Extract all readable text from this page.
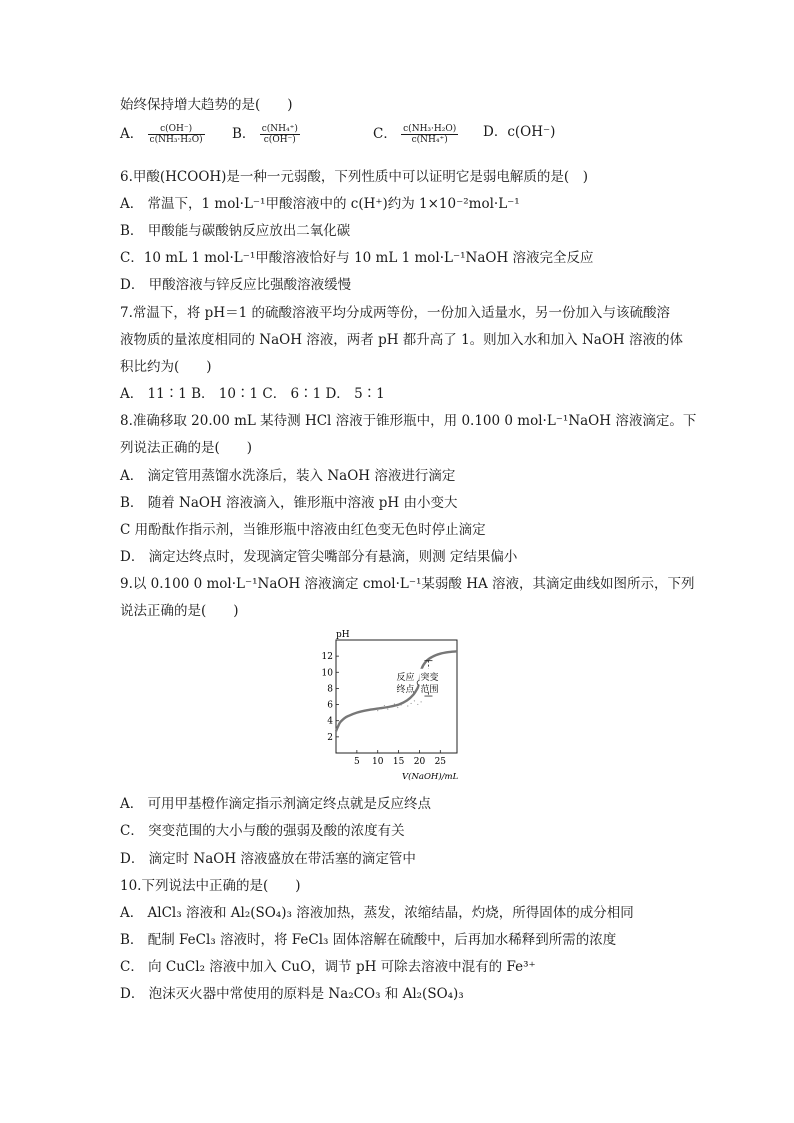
始终保持增大趋势的是(　　)
A． $\frac{c(OH^-)}{\text{c(NH₃·H₂O)}}$ B． $\frac{\text{c(NH₄⁺)}}{c(OH^-)}$	C． $\frac{\text{c(NH₃·H₂O)}}{\text{c(NH₄⁺)}}$ D．c(OH⁻)
6.甲酸(HCOOH)是一种一元弱酸，下列性质中可以证明它是弱电解质的是(　)
A． 常温下，1 mol·L⁻¹甲酸溶液中的 c(H⁺)约为 1×10⁻²mol·L⁻¹
B． 甲酸能与碳酸钠反应放出二氧化碳
C．10 mL 1 mol·L⁻¹甲酸溶液恰好与 10 mL 1 mol·L⁻¹NaOH 溶液完全反应
D． 甲酸溶液与锌反应比强酸溶液缓慢
7.常温下，将 pH＝1 的硫酸溶液平均分成两等份，一份加入适量水，另一份加入与该硫酸溶
液物质的量浓度相同的 NaOH 溶液，两者 pH 都升高了 1。则加入水和加入 NaOH 溶液的体
积比约为(　　)
A． 11∶1 B． 10∶1 C． 6∶1 D． 5∶1
8.准确移取 20.00 mL 某待测 HCl 溶液于锥形瓶中，用 0.100 0 mol·L⁻¹NaOH 溶液滴定。下
列说法正确的是(　　)
A． 滴定管用蒸馏水洗涤后，装入 NaOH 溶液进行滴定
B． 随着 NaOH 溶液滴入，锥形瓶中溶液 pH 由小变大
C 用酚酞作指示剂，当锥形瓶中溶液由红色变无色时停止滴定
D． 滴定达终点时，发现滴定管尖嘴部分有悬滴，则测 定结果偏小
9.以 0.100 0 mol·L⁻¹NaOH 溶液滴定 cmol·L⁻¹某弱酸 HA 溶液，其滴定曲线如图所示，下列
说法正确的是(　　)
pH
V(NaOH)/mL
2
4
6
8
10
12
5 10 15 20 25
反应
终点
突变
范围
A． 可用甲基橙作滴定指示剂滴定终点就是反应终点
C． 突变范围的大小与酸的强弱及酸的浓度有关
D． 滴定时 NaOH 溶液盛放在带活塞的滴定管中
10.下列说法中正确的是(　　)
A． AlCl₃ 溶液和 Al₂(SO₄)₃ 溶液加热，蒸发，浓缩结晶，灼烧，所得固体的成分相同
B． 配制 FeCl₃ 溶液时，将 FeCl₃ 固体溶解在硫酸中，后再加水稀释到所需的浓度
C． 向 CuCl₂ 溶液中加入 CuO，调节 pH 可除去溶液中混有的 Fe³⁺
D． 泡沫灭火器中常使用的原料是 Na₂CO₃ 和 Al₂(SO₄)₃
